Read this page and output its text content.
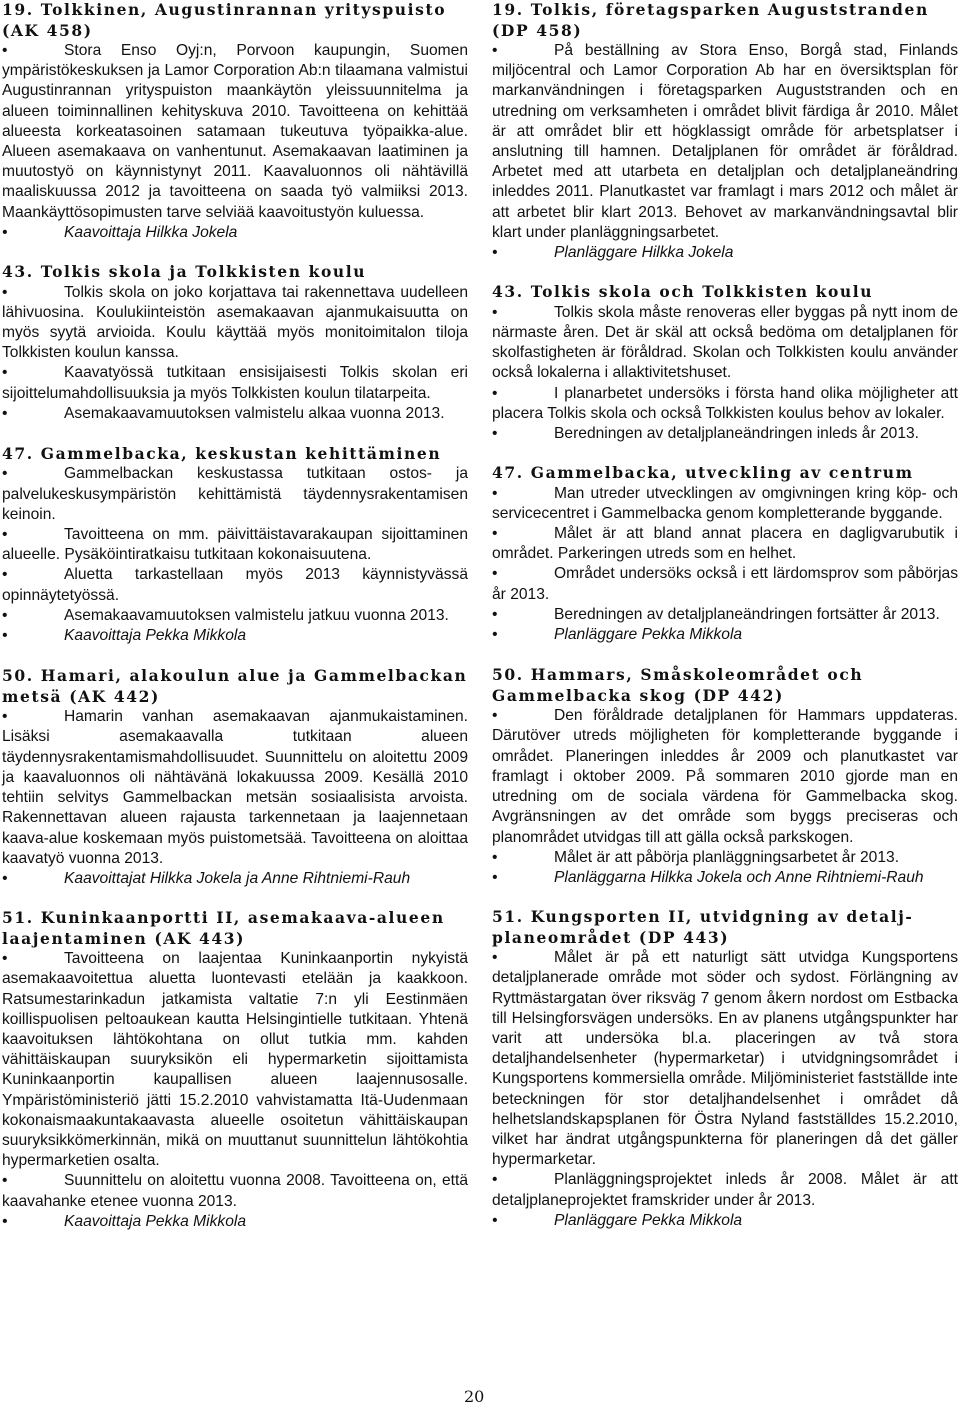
19. Tolkkinen, Augustinrannan yrityspuisto (AK 458)
•	Stora Enso Oyj:n, Porvoon kaupungin, Suomen ympäristökeskuksen ja Lamor Corporation Ab:n tilaamana valmistui Augustinrannan yrityspuiston maankäytön yleissuunnitelma ja alueen toiminnallinen kehityskuva 2010. Tavoitteena on kehittää alueesta korkeatasoinen satamaan tukeutuva työpaikka-alue. Alueen asemakaava on vanhentunut. Asemakaavan laatiminen ja muutostyö on käynnistynyt 2011. Kaavaluonnos oli nähtävillä maaliskuussa 2012 ja tavoitteena on saada työ valmiiksi 2013. Maankäyttösopimusten tarve selviää kaavoitustyön kuluessa.
•	Kaavoittaja Hilkka Jokela
43. Tolkis skola ja Tolkkisten koulu
•	Tolkis skola on joko korjattava tai rakennettava uudelleen lähivuosina. Koulukiinteistön asemakaavan ajanmukaisuutta on myös syytä arvioida. Koulu käyttää myös monitoimitalon tiloja Tolkkisten koulun kanssa.
•	Kaavatyössä tutkitaan ensisijaisesti Tolkis skolan eri sijoittelumahdollisuuksia ja myös Tolkkisten koulun tilatarpeita.
•	Asemakaavamuutoksen valmistelu alkaa vuonna 2013.
47. Gammelbacka, keskustan kehittäminen
•	Gammelbackan keskustassa tutkitaan ostos- ja palvelukeskusympäristön kehittämistä täydennysrakentamisen keinoin.
•	Tavoitteena on mm. päivittäistavarakaupan sijoittaminen alueelle. Pysäköintiratkaisu tutkitaan kokonaisuutena.
•	Aluetta tarkastellaan myös 2013 käynnistyvässä opinnäytetyössä.
•	Asemakaavamuutoksen valmistelu jatkuu vuonna 2013.
•	Kaavoittaja Pekka Mikkola
50. Hamari, alakoulun alue ja Gammelbackan metsä (AK 442)
•	Hamarin vanhan asemakaavan ajanmukaistaminen. Lisäksi asemakaavalla tutkitaan alueen täydennysrakentamismahdollisuudet. Suunnittelu on aloitettu 2009 ja kaavaluonnos oli nähtävänä lokakuussa 2009. Kesällä 2010 tehtiin selvitys Gammelbackan metsän sosiaalisista arvoista. Rakennettavan alueen rajausta tarkennetaan ja laajennetaan kaava-alue koskemaan myös puistometsää. Tavoitteena on aloittaa kaavatyö vuonna 2013.
•	Kaavoittajat Hilkka Jokela ja Anne Rihtniemi-Rauh
51. Kuninkaanportti II, asemakaava-alueen laajentaminen (AK 443)
•	Tavoitteena on laajentaa Kuninkaanportin nykyistä asemakaavoitettua aluetta luontevasti etelään ja kaakkoon. Ratsumestarinkadun jatkamista valtatie 7:n yli Eestinmäen koillispuolisen peltoaukean kautta Helsingintielle tutkitaan. Yhtenä kaavoituksen lähtökohtana on ollut tutkia mm. kahden vähittäiskaupan suuryksikön eli hypermarketin sijoittamista Kuninkaanportin kaupallisen alueen laajennusosalle. Ympäristöministeriö jätti 15.2.2010 vahvistamatta Itä-Uudenmaan kokonaismaakuntakaavasta alueelle osoitetun vähittäiskaupan suuryksikkömerkinnän, mikä on muuttanut suunnittelun lähtökohtia hypermarketien osalta.
•	Suunnittelu on aloitettu vuonna 2008. Tavoitteena on, että kaavahanke etenee vuonna 2013.
•	Kaavoittaja Pekka Mikkola
19. Tolkis, företagsparken Auguststranden (DP 458)
•	På beställning av Stora Enso, Borgå stad, Finlands miljöcentral och Lamor Corporation Ab har en översiktsplan för markanvändningen i företagsparken Auguststranden och en utredning om verksamheten i området blivit färdiga år 2010. Målet är att området blir ett högklassigt område för arbetsplatser i anslutning till hamnen. Detaljplanen för området är föråldrad. Arbetet med att utarbeta en detaljplan och detaljplaneändring inleddes 2011. Planutkastet var framlagt i mars 2012 och målet är att arbetet blir klart 2013. Behovet av markanvändningsavtal blir klart under planläggningsarbetet.
•	Planläggare Hilkka Jokela
43. Tolkis skola och Tolkkisten koulu
•	Tolkis skola måste renoveras eller byggas på nytt inom de närmaste åren. Det är skäl att också bedöma om detaljplanen för skolfastigheten är föråldrad. Skolan och Tolkkisten koulu använder också lokalerna i allaktivitetshuset.
•	I planarbetet undersöks i första hand olika möjligheter att placera Tolkis skola och också Tolkkisten koulus behov av lokaler.
•	Beredningen av detaljplaneändringen inleds år 2013.
47. Gammelbacka, utveckling av centrum
•	Man utreder utvecklingen av omgivningen kring köp- och servicecentret i Gammelbacka genom kompletterande byggande.
•	Målet är att bland annat placera en dagligvarubutik i området. Parkeringen utreds som en helhet.
•	Området undersöks också i ett lärdomsprov som påbörjas år 2013.
•	Beredningen av detaljplaneändringen fortsätter år 2013.
•	Planläggare Pekka Mikkola
50. Hammars, Småskoleområdet och Gammelbacka skog (DP 442)
•	Den föråldrade detaljplanen för Hammars uppdateras. Därutöver utreds möjligheten för kompletterande byggande i området. Planeringen inleddes år 2009 och planutkastet var framlagt i oktober 2009. På sommaren 2010 gjorde man en utredning om de sociala värdena för Gammelbacka skog. Avgränsningen av det område som byggs preciseras och planområdet utvidgas till att gälla också parkskogen.
•	Målet är att påbörja planläggningsarbetet år 2013.
•	Planläggarna Hilkka Jokela och Anne Rihtniemi-Rauh
51. Kungsporten II, utvidgning av detalj-planeområdet (DP 443)
•	Målet är på ett naturligt sätt utvidga Kungsportens detaljplanerade område mot söder och sydost. Förlängning av Ryttmästargatan över riksväg 7 genom åkern nordost om Estbacka till Helsingforsvägen undersöks. En av planens utgångspunkter har varit att undersöka bl.a. placeringen av två stora detaljhandelsenheter (hypermarketar) i utvidgningsområdet i Kungsportens kommersiella område. Miljöministeriet fastställde inte beteckningen för stor detaljhandelsenhet i området då helhetslandskapsplanen för Östra Nyland fastställdes 15.2.2010, vilket har ändrat utgångspunkterna för planeringen då det gäller hypermarketar.
•	Planläggningsprojektet inleds år 2008. Målet är att detaljplaneprojektet framskrider under år 2013.
•	Planläggare Pekka Mikkola
20
